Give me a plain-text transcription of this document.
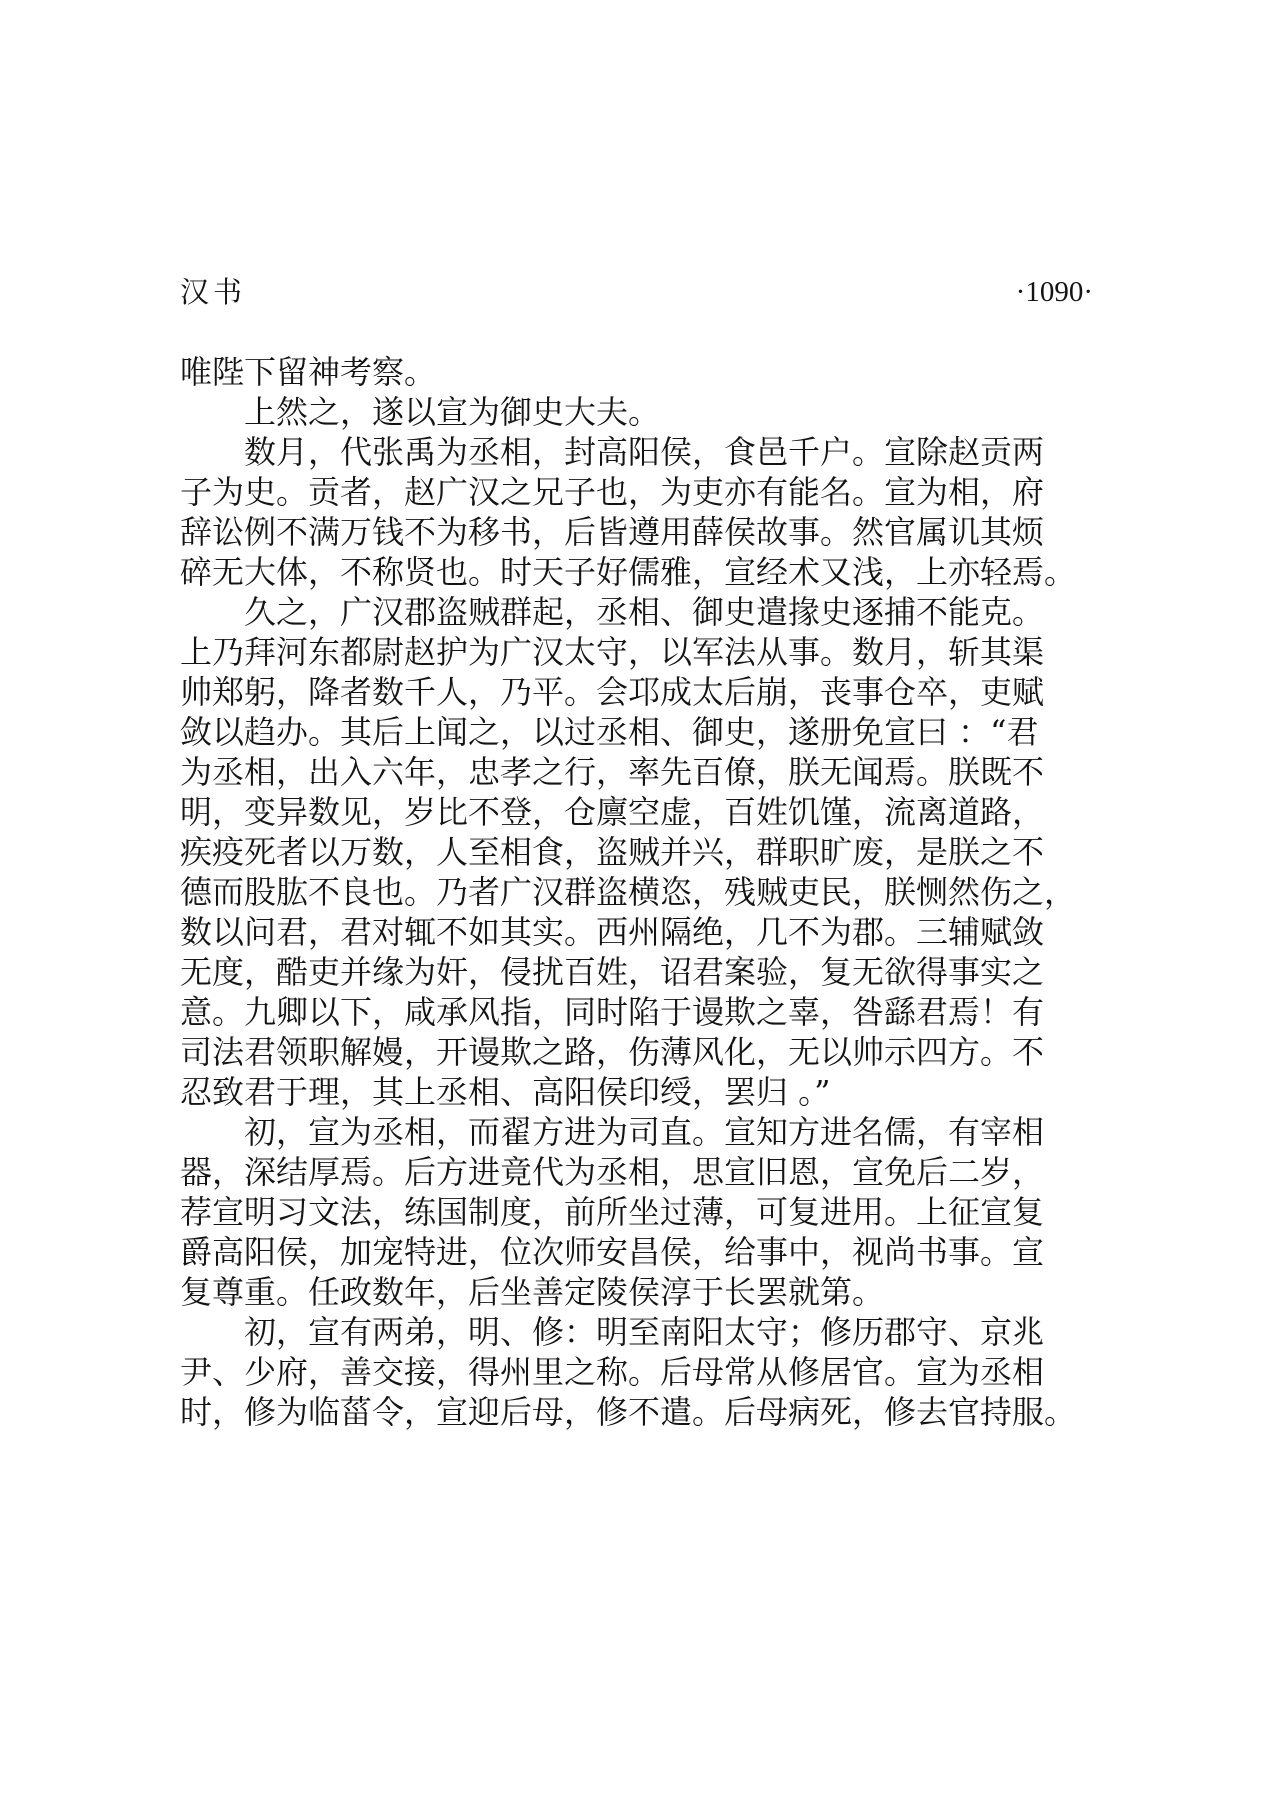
汉书	·1090·

唯陛下留神考察。

上然之，遂以宣为御史大夫。

数月，代张禹为丞相，封高阳侯，食邑千户。宣除赵贡两

子为史。贡者，赵广汉之兄子也，为吏亦有能名。宣为相，府

辞讼例不满万钱不为移书，后皆遵用薛侯故事。然官属讥其烦

碎无大体，不称贤也。时天子好儒雅，宣经术又浅，上亦轻焉。

久之，广汉郡盗贼群起，丞相、御史遣掾史逐捕不能克。

上乃拜河东都尉赵护为广汉太守，以军法从事。数月，斩其渠

帅郑躬，降者数千人，乃平。会邛成太后崩，丧事仓卒，吏赋

敛以趋办。其后上闻之，以过丞相、御史，遂册免宣曰 ：“君

为丞相，出入六年，忠孝之行，率先百僚，朕无闻焉。朕既不

明，变异数见，岁比不登，仓廪空虚，百姓饥馑，流离道路，

疾疫死者以万数，人至相食，盗贼并兴，群职旷废，是朕之不

德而股肱不良也。乃者广汉群盗横恣，残贼吏民，朕恻然伤之，

数以问君，君对辄不如其实。西州隔绝，几不为郡。三辅赋敛

无度，酷吏并缘为奸，侵扰百姓，诏君案验，复无欲得事实之

意。九卿以下，咸承风指，同时陷于谩欺之辜，咎繇君焉！有

司法君领职解嫚，开谩欺之路，伤薄风化，无以帅示四方。不

忍致君于理，其上丞相、高阳侯印绶，罢归 。”

初，宣为丞相，而翟方进为司直。宣知方进名儒，有宰相

器，深结厚焉。后方进竟代为丞相，思宣旧恩，宣免后二岁，

荐宣明习文法，练国制度，前所坐过薄，可复进用。上征宣复

爵高阳侯，加宠特进，位次师安昌侯，给事中，视尚书事。宣

复尊重。任政数年，后坐善定陵侯淳于长罢就第。

初，宣有两弟，明、修：明至南阳太守；修历郡守、京兆

尹、少府，善交接，得州里之称。后母常从修居官。宣为丞相

时，修为临菑令，宣迎后母，修不遣。后母病死，修去官持服。
